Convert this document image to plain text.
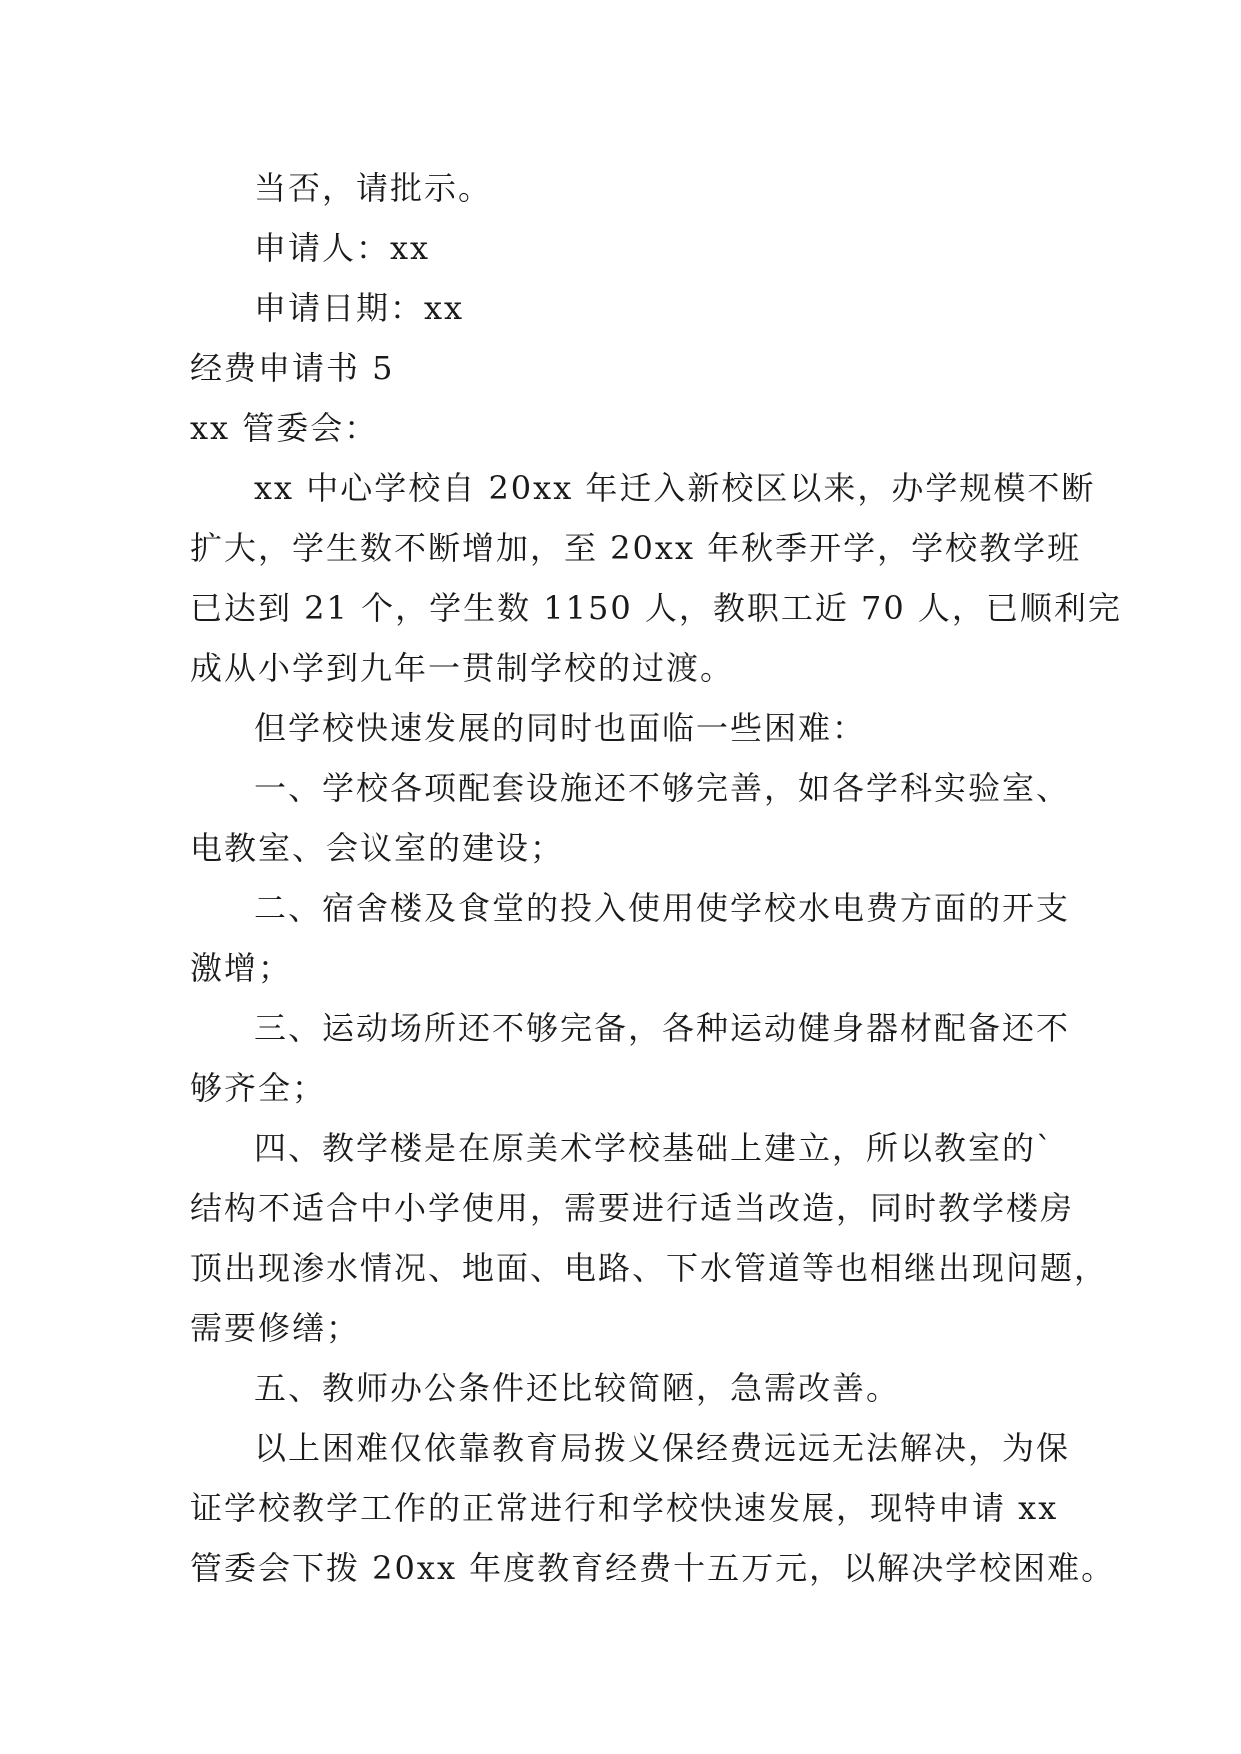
当否，请批示。
申请人：xx
申请日期：xx
经费申请书 5
xx 管委会：
xx 中心学校自 20xx 年迁入新校区以来，办学规模不断
扩大，学生数不断增加，至 20xx 年秋季开学，学校教学班
已达到 21 个，学生数 1150 人，教职工近 70 人，已顺利完
成从小学到九年一贯制学校的过渡。
但学校快速发展的同时也面临一些困难：
一、学校各项配套设施还不够完善，如各学科实验室、
电教室、会议室的建设；
二、宿舍楼及食堂的投入使用使学校水电费方面的开支
激增；
三、运动场所还不够完备，各种运动健身器材配备还不
够齐全；
四、教学楼是在原美术学校基础上建立，所以教室的`
结构不适合中小学使用，需要进行适当改造，同时教学楼房
顶出现渗水情况、地面、电路、下水管道等也相继出现问题，
需要修缮；
五、教师办公条件还比较简陋，急需改善。
以上困难仅依靠教育局拨义保经费远远无法解决，为保
证学校教学工作的正常进行和学校快速发展，现特申请 xx
管委会下拨 20xx 年度教育经费十五万元，以解决学校困难。
